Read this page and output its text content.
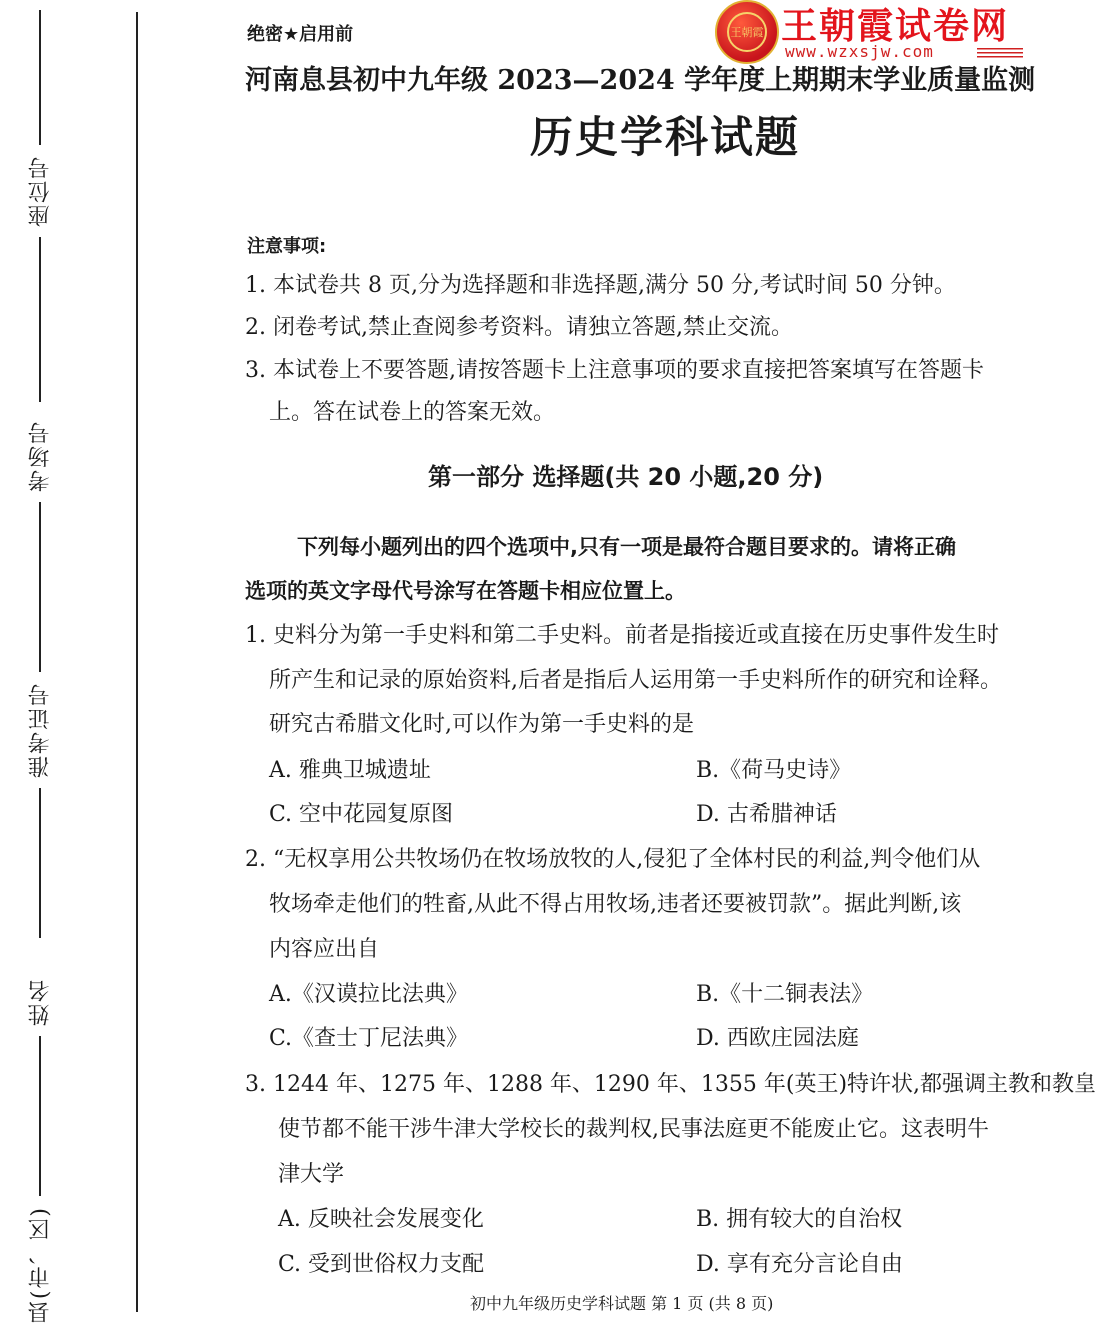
座位号
考场号
准考证号
姓名
县(市、区)
绝密★启用前	王朝霞 王朝霞试卷网
www.wzxsjw.com
河南息县初中九年级 2023—2024 学年度上期期末学业质量监测
历史学科试题
注意事项:
1. 本试卷共 8 页,分为选择题和非选择题,满分 50 分,考试时间 50 分钟。
2. 闭卷考试,禁止查阅参考资料。请独立答题,禁止交流。
3. 本试卷上不要答题,请按答题卡上注意事项的要求直接把答案填写在答题卡
上。答在试卷上的答案无效。
第一部分 选择题(共 20 小题,20 分)
下列每小题列出的四个选项中,只有一项是最符合题目要求的。请将正确
选项的英文字母代号涂写在答题卡相应位置上。
1. 史料分为第一手史料和第二手史料。前者是指接近或直接在历史事件发生时
所产生和记录的原始资料,后者是指后人运用第一手史料所作的研究和诠释。
研究古希腊文化时,可以作为第一手史料的是
A. 雅典卫城遗址	B.《荷马史诗》
C. 空中花园复原图	D. 古希腊神话
2. “无权享用公共牧场仍在牧场放牧的人,侵犯了全体村民的利益,判令他们从
牧场牵走他们的牲畜,从此不得占用牧场,违者还要被罚款”。据此判断,该
内容应出自
A.《汉谟拉比法典》	B.《十二铜表法》
C.《查士丁尼法典》	D. 西欧庄园法庭
3. 1244 年、1275 年、1288 年、1290 年、1355 年(英王)特许状,都强调主教和教皇
使节都不能干涉牛津大学校长的裁判权,民事法庭更不能废止它。这表明牛
津大学
A. 反映社会发展变化	B. 拥有较大的自治权
C. 受到世俗权力支配	D. 享有充分言论自由
初中九年级历史学科试题 第 1 页 (共 8 页)
